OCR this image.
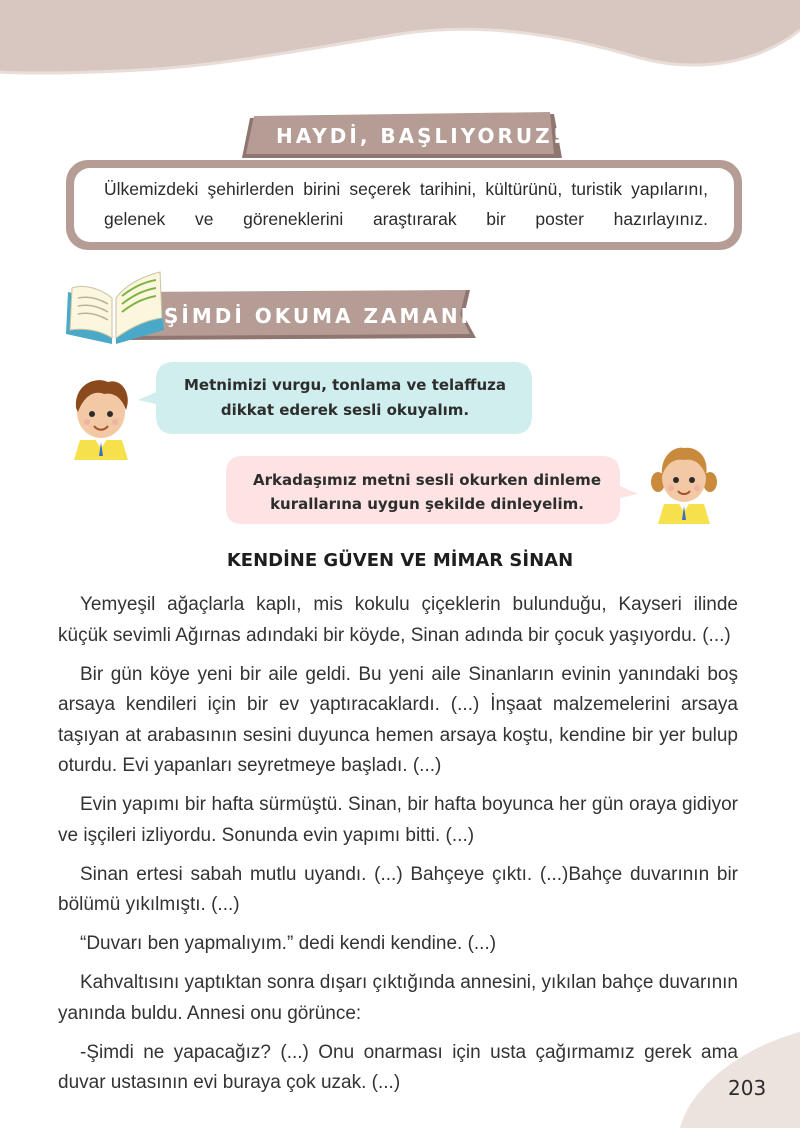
HAYDİ, BAŞLIYORUZ!
Ülkemizdeki şehirlerden birini seçerek tarihini, kültürünü, turistik yapılarını, gelenek ve göreneklerini araştırarak bir poster hazırlayınız.
ŞİMDİ OKUMA ZAMANI!
Metnimizi vurgu, tonlama ve telaffuza
dikkat ederek sesli okuyalım.
Arkadaşımız metni sesli okurken dinleme
kurallarına uygun şekilde dinleyelim.
KENDİNE GÜVEN VE MİMAR SİNAN

Yemyeşil ağaçlarla kaplı, mis kokulu çiçeklerin bulunduğu, Kayseri ilinde küçük sevimli Ağırnas adındaki bir köyde, Sinan adında bir çocuk yaşıyordu. (...)

Bir gün köye yeni bir aile geldi. Bu yeni aile Sinanların evinin yanındaki boş arsaya kendileri için bir ev yaptıracaklardı. (...) İnşaat malzemelerini arsaya taşıyan at arabasının sesini duyunca hemen arsaya koştu, kendine bir yer bulup oturdu. Evi yapanları seyretmeye başladı. (...)

Evin yapımı bir hafta sürmüştü. Sinan, bir hafta boyunca her gün oraya gidiyor ve işçileri izliyordu. Sonunda evin yapımı bitti. (...)

Sinan ertesi sabah mutlu uyandı. (...) Bahçeye çıktı. (...)Bahçe duvarının bir bölümü yıkılmıştı. (...)

“Duvarı ben yapmalıyım.” dedi kendi kendine. (...)

Kahvaltısını yaptıktan sonra dışarı çıktığında annesini, yıkılan bahçe duvarının yanında buldu. Annesi onu görünce:

-Şimdi ne yapacağız? (...) Onu onarması için usta çağırmamız gerek ama duvar ustasının evi buraya çok uzak. (...)	203
